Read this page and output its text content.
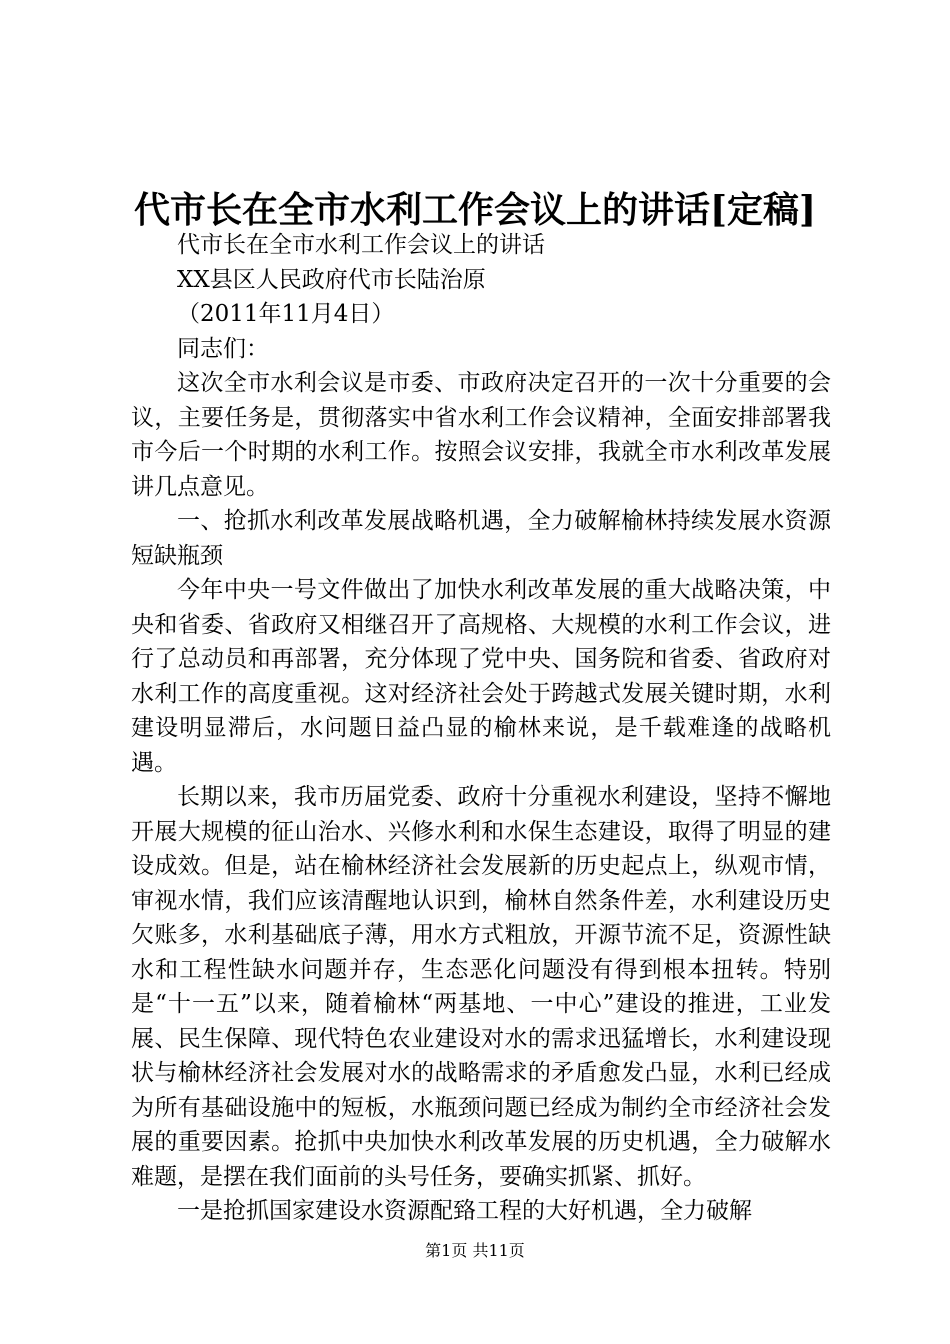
代市长在全市水利工作会议上的讲话[定稿]

代市长在全市水利工作会议上的讲话

XX县区人民政府代市长陆治原

（2011年11月4日）

同志们：

这次全市水利会议是市委、市政府决定召开的一次十分重要的会议，主要任务是，贯彻落实中省水利工作会议精神，全面安排部署我市今后一个时期的水利工作。按照会议安排，我就全市水利改革发展讲几点意见。

一、抢抓水利改革发展战略机遇，全力破解榆林持续发展水资源短缺瓶颈

今年中央一号文件做出了加快水利改革发展的重大战略决策，中央和省委、省政府又相继召开了高规格、大规模的水利工作会议，进行了总动员和再部署，充分体现了党中央、国务院和省委、省政府对水利工作的高度重视。这对经济社会处于跨越式发展关键时期，水利建设明显滞后，水问题日益凸显的榆林来说，是千载难逢的战略机遇。

长期以来，我市历届党委、政府十分重视水利建设，坚持不懈地开展大规模的征山治水、兴修水利和水保生态建设，取得了明显的建设成效。但是，站在榆林经济社会发展新的历史起点上，纵观市情，审视水情，我们应该清醒地认识到，榆林自然条件差，水利建设历史欠账多，水利基础底子薄，用水方式粗放，开源节流不足，资源性缺水和工程性缺水问题并存，生态恶化问题没有得到根本扭转。特别是“十一五”以来，随着榆林“两基地、一中心”建设的推进，工业发展、民生保障、现代特色农业建设对水的需求迅猛增长，水利建设现状与榆林经济社会发展对水的战略需求的矛盾愈发凸显，水利已经成为所有基础设施中的短板，水瓶颈问题已经成为制约全市经济社会发展的重要因素。抢抓中央加快水利改革发展的历史机遇，全力破解水难题，是摆在我们面前的头号任务，要确实抓紧、抓好。

一是抢抓国家建设水资源配臵工程的大好机遇，全力破解

第1页 共11页
